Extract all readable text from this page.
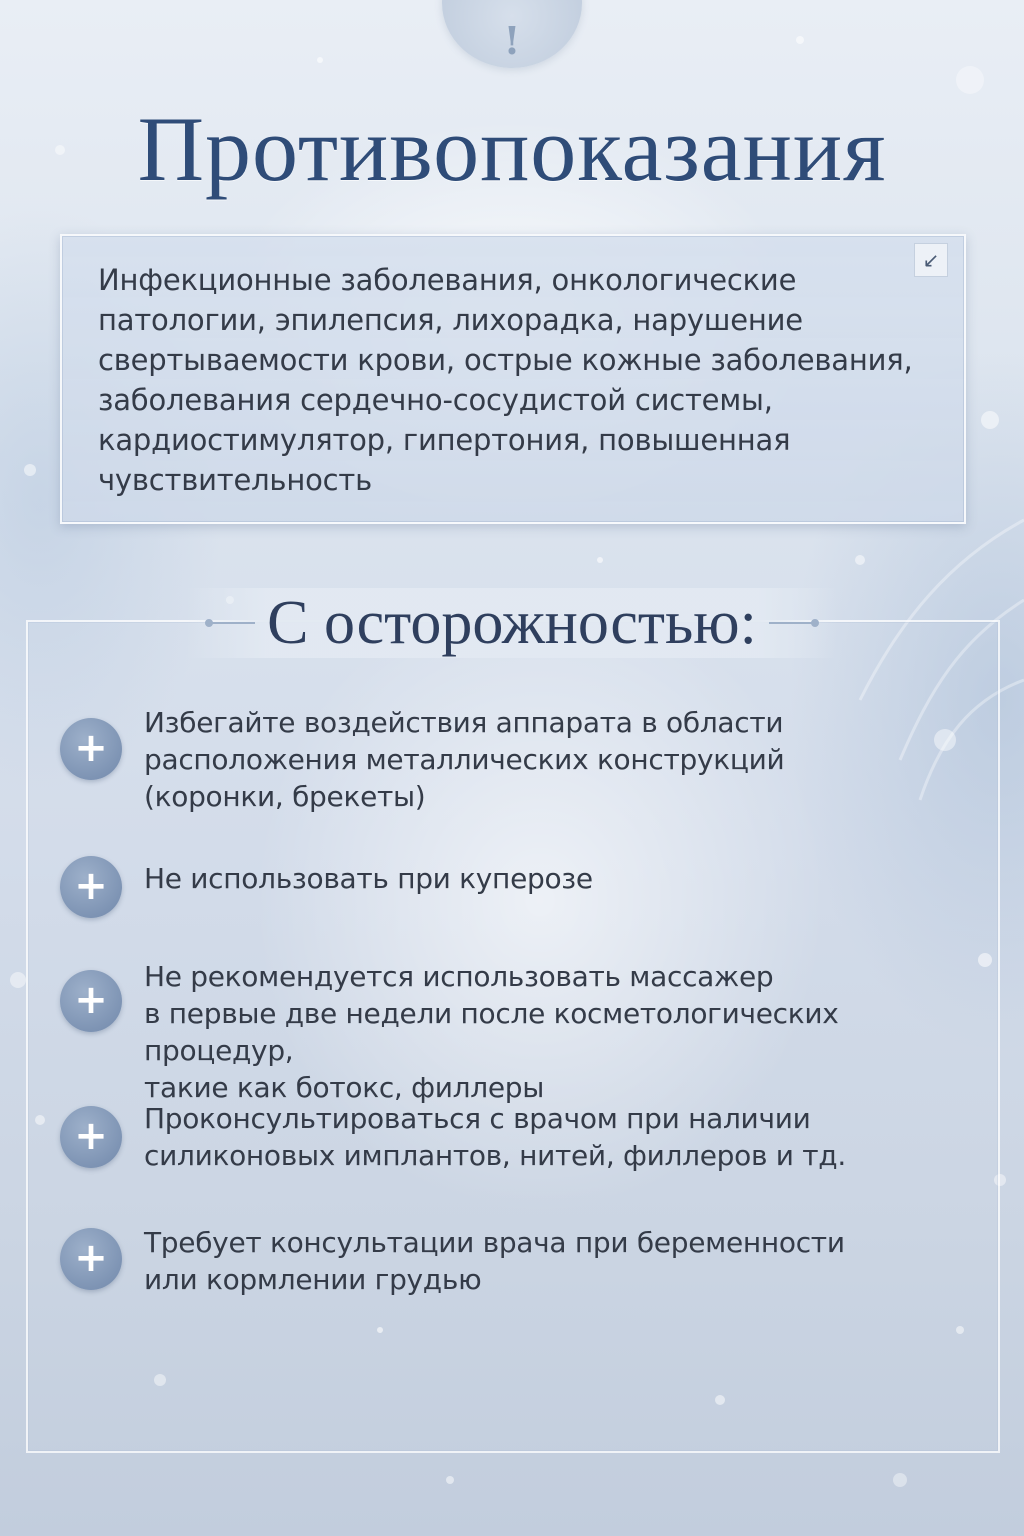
!
Противопоказания

Инфекционные заболевания, онкологические патологии, эпилепсия, лихорадка, нарушение свертываемости крови, острые кожные заболевания, заболевания сердечно-сосудистой системы, кардиостимулятор, гипертония, повышенная чувствительность

↙
С осторожностью:
+

Избегайте воздействия аппарата в области
расположения металлических конструкций
(коронки, брекеты)

+	Не использовать при куперозе

+

Не рекомендуется использовать массажер
в первые две недели после косметологических процедур,
такие как ботокс, филлеры

+	Проконсультироваться с врачом при наличии
силиконовых имплантов, нитей, филлеров и тд.

+	Требует консультации врача при беременности
или кормлении грудью
